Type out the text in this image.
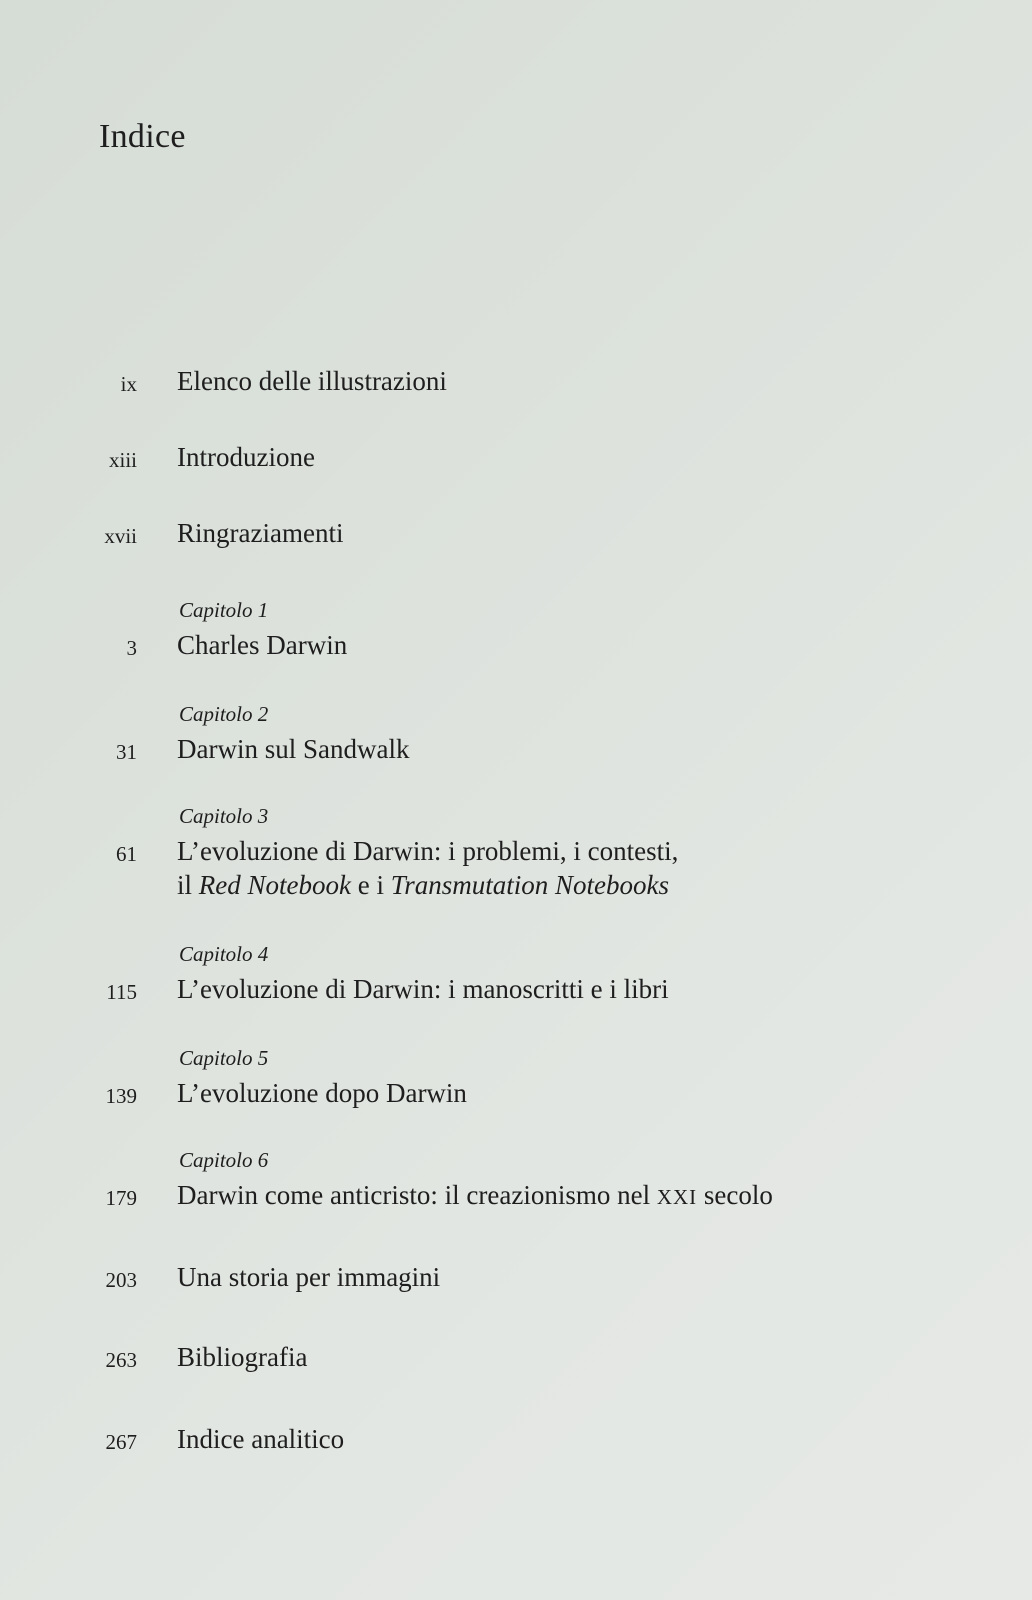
Indice
ix Elenco delle illustrazioni
xiii Introduzione
xvii Ringraziamenti
Capitolo 1
3 Charles Darwin
Capitolo 2
31 Darwin sul Sandwalk
Capitolo 3
61 L’evoluzione di Darwin: i problemi, i contesti,
il Red Notebook e i Transmutation Notebooks
Capitolo 4
115 L’evoluzione di Darwin: i manoscritti e i libri
Capitolo 5
139 L’evoluzione dopo Darwin
Capitolo 6
179 Darwin come anticristo: il creazionismo nel XXI secolo
203 Una storia per immagini
263 Bibliografia
267 Indice analitico
